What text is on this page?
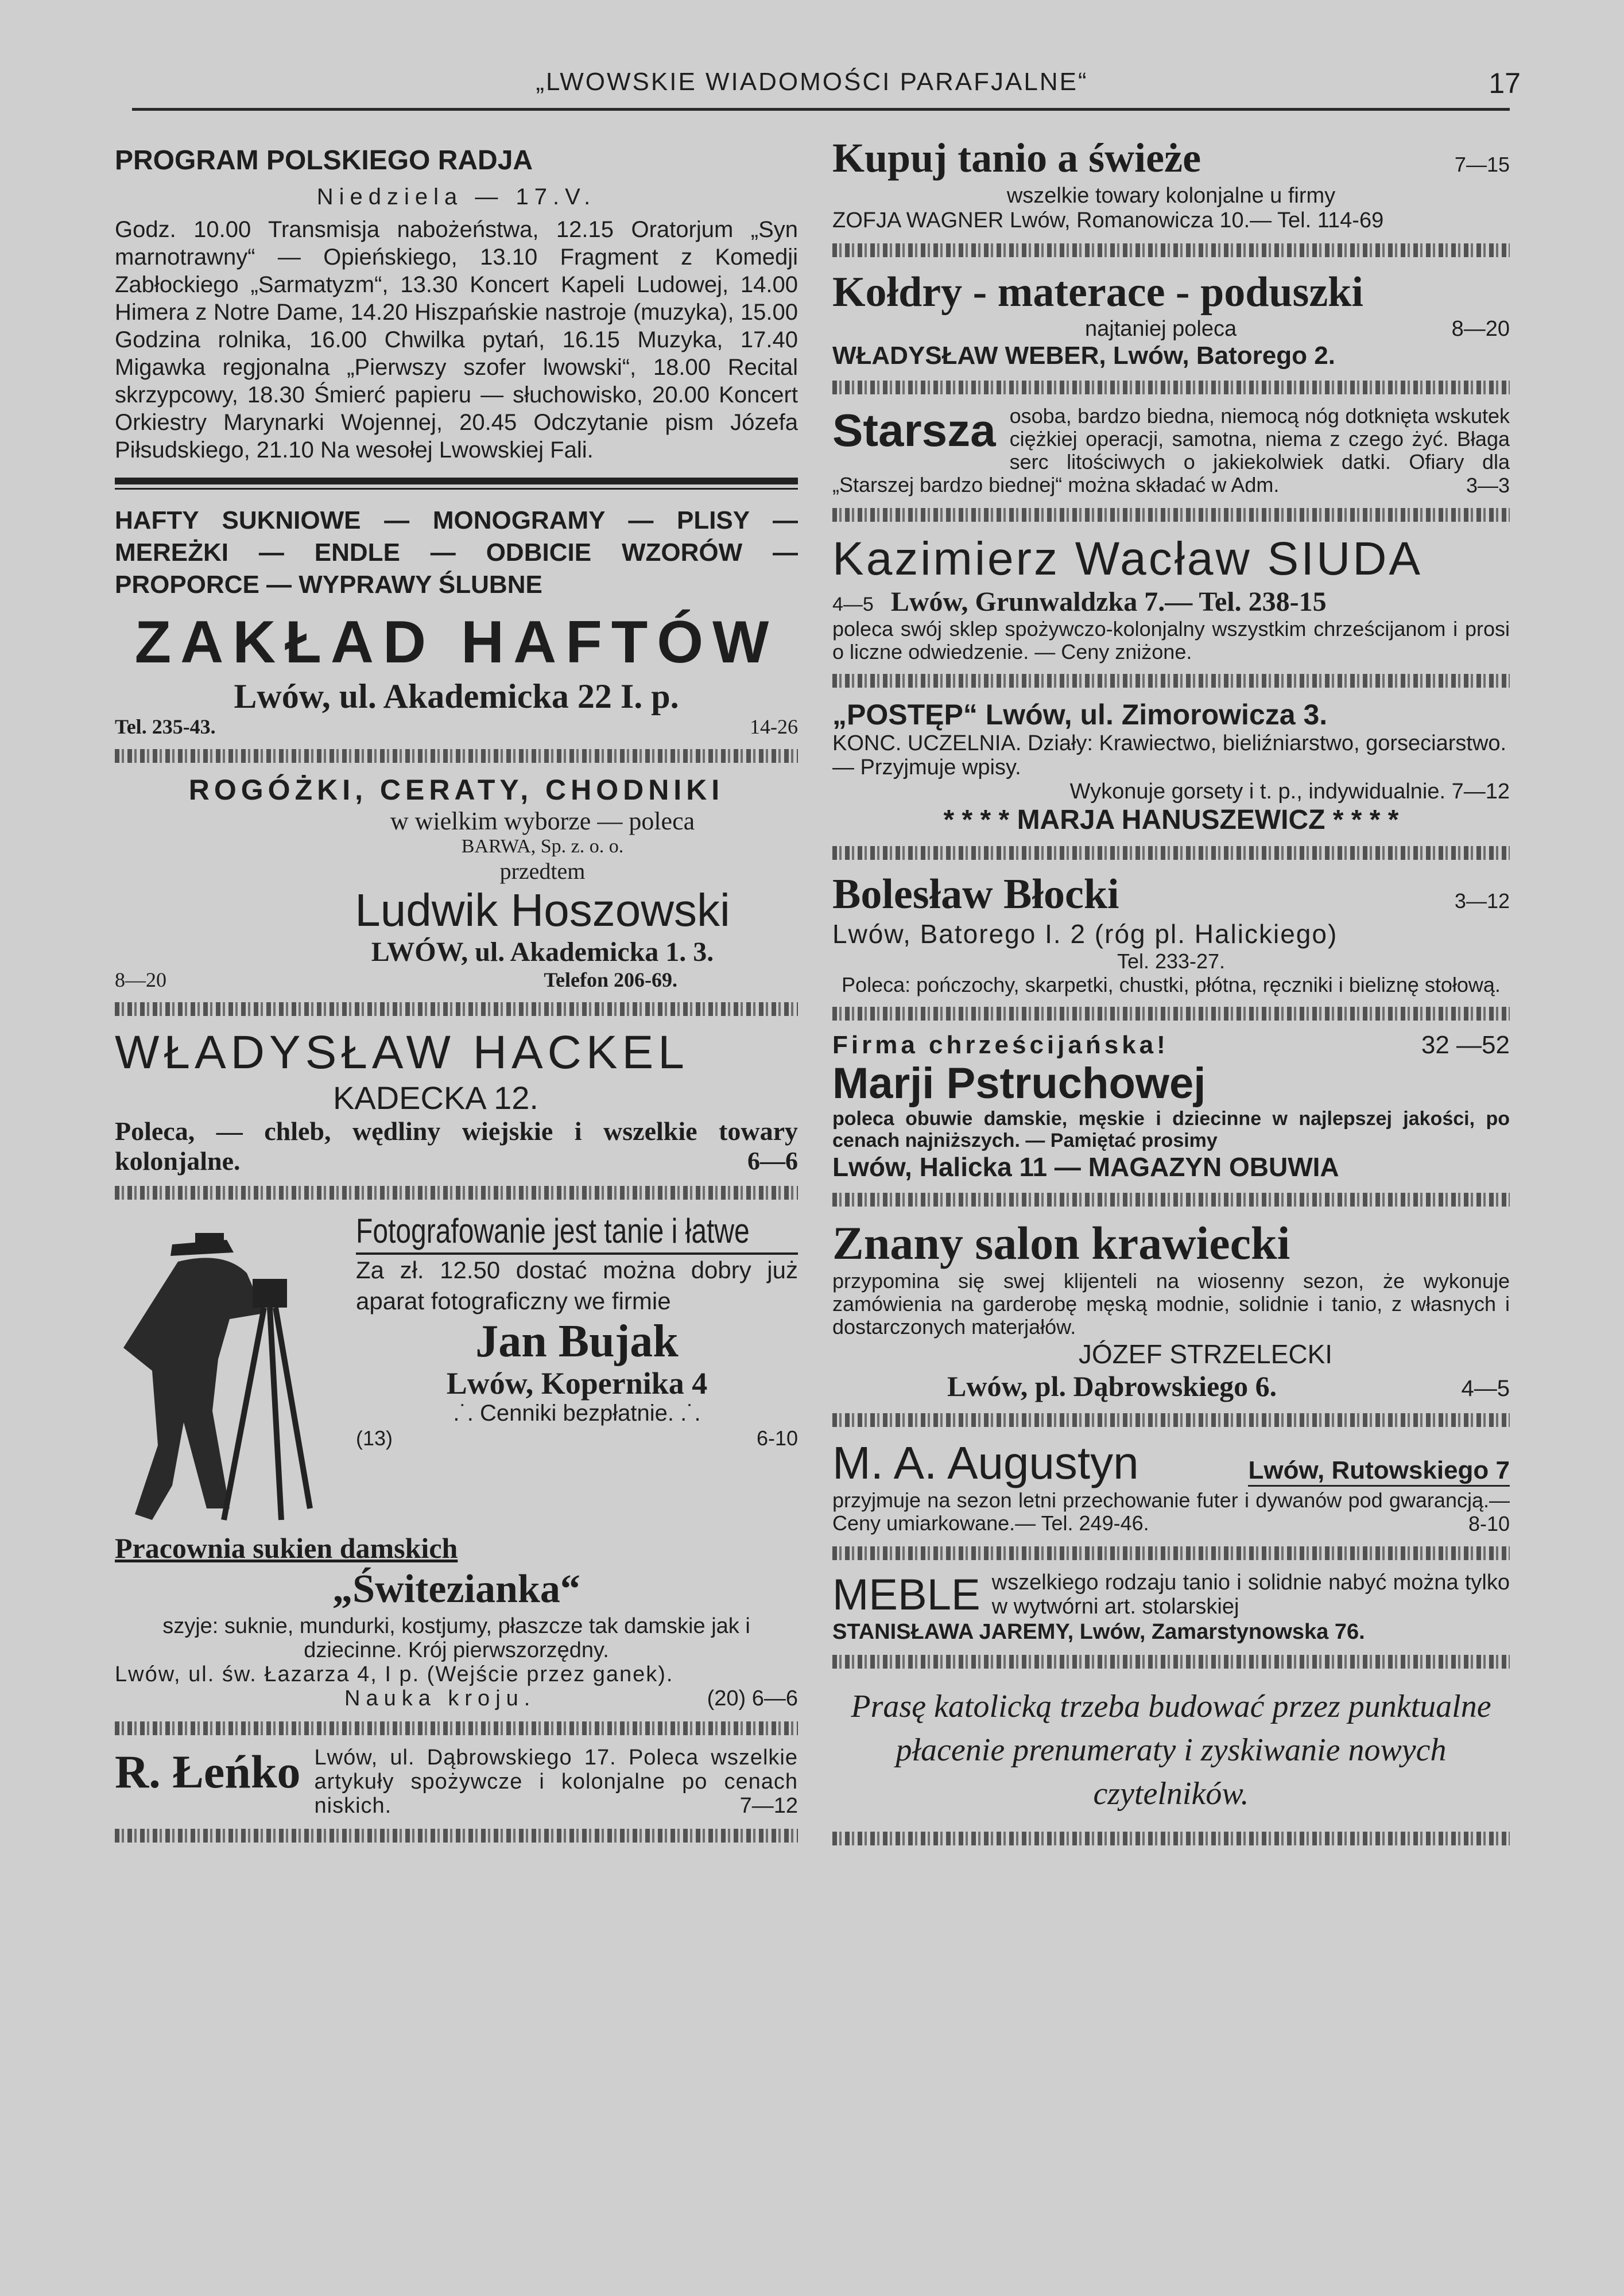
„LWOWSKIE WIADOMOŚCI PARAFJALNE“	17
PROGRAM POLSKIEGO RADJA
Niedziela — 17.V.
Godz. 10.00 Transmisja nabożeństwa, 12.15 Oratorjum „Syn marnotrawny“ — Opieńskiego, 13.10 Fragment z Komedji Zabłockiego „Sarmatyzm“, 13.30 Koncert Kapeli Ludowej, 14.00 Himera z Notre Dame, 14.20 Hiszpańskie nastroje (muzyka), 15.00 Godzina rolnika, 16.00 Chwilka pytań, 16.15 Muzyka, 17.40 Migawka regjonalna „Pierwszy szofer lwowski“, 18.00 Recital skrzypcowy, 18.30 Śmierć papieru — słuchowisko, 20.00 Koncert Orkiestry Marynarki Wojennej, 20.45 Odczytanie pism Józefa Piłsudskiego, 21.10 Na wesołej Lwowskiej Fali.
HAFTY SUKNIOWE — MONOGRAMY — PLISY — MEREŻKI — ENDLE — ODBICIE WZORÓW — PROPORCE — WYPRAWY ŚLUBNE
ZAKŁAD HAFTÓW
Lwów, ul. Akademicka 22 I. p.
Tel. 235-43.	14-26
ROGÓŻKI, CERATY, CHODNIKI
w wielkim wyborze — poleca
BARWA, Sp. z. o. o.
przedtem
Ludwik Hoszowski
LWÓW, ul. Akademicka 1. 3.
8—20	Telefon 206-69.
WŁADYSŁAW HACKEL
KADECKA 12.
Poleca, — chleb, wędliny wiejskie i wszelkie towary kolonjalne.	6—6
Fotografowanie jest tanie i łatwe
Za zł. 12.50 dostać można dobry już aparat fotograficzny we firmie
Jan Bujak
Lwów, Kopernika 4
.˙. Cenniki bezpłatnie. .˙.
(13)	6-10
Pracownia sukien damskich
„Świtezianka“
szyje: suknie, mundurki, kostjumy, płaszcze tak damskie jak i dziecinne. Krój pierwszorzędny.
Lwów, ul. św. Łazarza 4, I p. (Wejście przez ganek).
Nauka kroju.	(20) 6—6
R. Łeńko Lwów, ul. Dąbrowskiego 17. Poleca wszelkie artykuły spożywcze i kolonjalne po cenach niskich.	7—12
Kupuj tanio a świeże	7—15
wszelkie towary kolonjalne u firmy
ZOFJA WAGNER Lwów, Romanowicza 10.— Tel. 114-69
Kołdry - materace - poduszki
najtaniej poleca	8—20
WŁADYSŁAW WEBER, Lwów, Batorego 2.
Starsza osoba, bardzo biedna, niemocą nóg dotknięta wskutek ciężkiej operacji, samotna, niema z czego żyć. Błaga serc litościwych o jakiekolwiek datki. Ofiary dla „Starszej bardzo biednej“ można składać w Adm.	3—3
Kazimierz Wacław SIUDA
4—5 Lwów, Grunwaldzka 7.— Tel. 238-15
poleca swój sklep spożywczo-kolonjalny wszystkim chrześcijanom i prosi o liczne odwiedzenie. — Ceny zniżone.
„POSTĘP“ Lwów, ul. Zimorowicza 3.
KONC. UCZELNIA. Działy: Krawiectwo, bieliźniarstwo, gorseciarstwo. — Przyjmuje wpisy.
Wykonuje gorsety i t. p., indywidualnie. 7—12
* * * * MARJA HANUSZEWICZ * * * *
Bolesław Błocki	3—12
Lwów, Batorego I. 2 (róg pl. Halickiego)
Tel. 233-27.
Poleca: pończochy, skarpetki, chustki, płótna, ręczniki i bieliznę stołową.
Firma chrześcijańska!	32 —52
Marji Pstruchowej
poleca obuwie damskie, męskie i dziecinne w najlepszej jakości, po cenach najniższych. — Pamiętać prosimy
Lwów, Halicka 11 — MAGAZYN OBUWIA
Znany salon krawiecki
przypomina się swej klijenteli na wiosenny sezon, że wykonuje zamówienia na garderobę męską modnie, solidnie i tanio, z własnych i dostarczonych materjałów.
JÓZEF STRZELECKI
Lwów, pl. Dąbrowskiego 6.	4—5
M. A. Augustyn	Lwów, Rutowskiego 7
przyjmuje na sezon letni przechowanie futer i dywanów pod gwarancją.— Ceny umiarkowane.— Tel. 249-46.	8-10
MEBLE wszelkiego rodzaju tanio i solidnie nabyć można tylko w wytwórni art. stolarskiej
STANISŁAWA JAREMY, Lwów, Zamarstynowska 76.
Prasę katolicką trzeba budować przez punktualne płacenie prenumeraty i zyskiwanie nowych czytelników.
